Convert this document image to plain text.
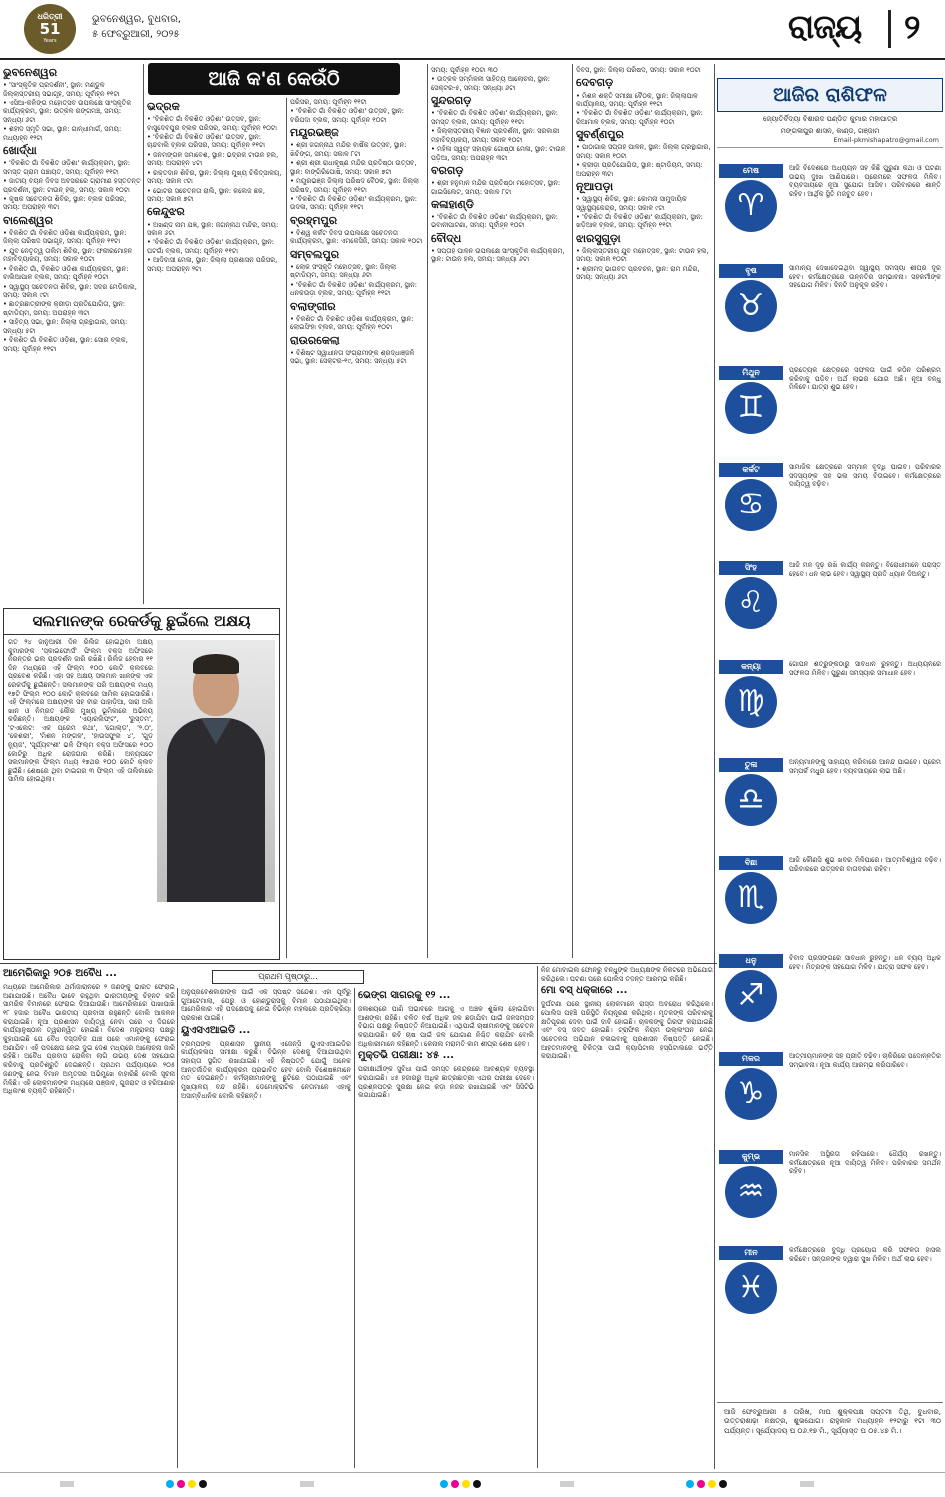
ଧରିତ୍ରୀ
51
Years
ଭୁବନେଶ୍ୱର, ବୁଧବାର,
୫ ଫେବ୍ରୁଆରୀ, ୨୦୨୫	ରାଜ୍ୟ ୨
ଆଜି କ'ଣ କେଉଁଠି
ଭୁବନେଶ୍ୱର
• 'ସାଂସ୍କୃତିକ ପ୍ରଦର୍ଶନୀ', ସ୍ଥାନ: ମଣ୍ଡୁଳ ଜିଲ୍ଲାସ୍ତରୀୟ ସଭାଗୃହ, ସମୟ: ପୂର୍ବାହ୍ନ ୧୧ଟା
• ଏସିଆ-କଳିଙ୍ଗ ମହୋତ୍ସବ ଉପଲକ୍ଷେ ସାଂସ୍କୃତିକ କାର୍ଯ୍ୟକ୍ରମ, ସ୍ଥାନ: ଉତ୍କଳ ରଙ୍ଗମଞ୍ଚ, ସମୟ: ସନ୍ଧ୍ୟା ୬ଟା
• ଶହୀଦ ସ୍ମୃତି ସଭା, ସ୍ଥାନ: ଗାନ୍ଧୀମାର୍ଗ, ସମୟ: ମଧ୍ୟାହ୍ନ ୧୨ଟା
ଖୋର୍ଦ୍ଧା
• 'ବିକଶିତ ଗାଁ ବିକଶିତ ଓଡ଼ିଶା' କାର୍ଯ୍ୟକ୍ରମ, ସ୍ଥାନ: ସମସ୍ତ ଗ୍ରାମ ପଞ୍ଚାୟତ, ସମୟ: ପୂର୍ବାହ୍ନ ୧୧ଟା
• ଜାତୀୟ ବୟନ ଦିବସ ଅବସରରେ ଗ୍ରାମୀଣ ହସ୍ତତନ୍ତ ପ୍ରଦର୍ଶନୀ, ସ୍ଥାନ: ଟାଉନ୍ ହଲ୍, ସମୟ: ସକାଳ ୧୦ଟା
• କୃଷକ ସଚେତନତା ଶିବିର, ସ୍ଥାନ: ବ୍ଲକ ପରିସର, ସମୟ: ଅପରାହ୍ନ ୩ଟା
ବାଲେଶ୍ୱର
• ବିକଶିତ ଗାଁ ବିକଶିତ ଓଡ଼ିଶା କାର୍ଯ୍ୟକ୍ରମ, ସ୍ଥାନ: ଜିଲ୍ଲା ପରିଷଦ ସଭାଗୃହ, ସମୟ: ପୂର୍ବାହ୍ନ ୧୧ଟା
• ଯୁବ ନେତୃତ୍ୱ ତାଲିମ ଶିବିର, ସ୍ଥାନ: ଫକୀରମୋହନ ମହାବିଦ୍ୟାଳୟ, ସମୟ: ସକାଳ ୧୦ଟା
• ବିକଶିତ ଗାଁ, ବିକଶିତ ଓଡ଼ିଶା କାର୍ଯ୍ୟକ୍ରମ, ସ୍ଥାନ: ବାଲିଆପାଳ ବ୍ଲକ, ସମୟ: ପୂର୍ବାହ୍ନ ୧୦ଟା
• ସ୍ୱାସ୍ଥ୍ୟ ସଚେତନତା ଶିବିର, ସ୍ଥାନ: ସଦର ମେଡିକାଲ, ସମୟ: ସକାଳ ୯ଟା
• ଛାତ୍ରଛାତ୍ରୀଙ୍କ କ୍ରୀଡ଼ା ପ୍ରତିଯୋଗିତା, ସ୍ଥାନ: ଷ୍ଟାଡିୟମ, ସମୟ: ଅପରାହ୍ନ ୩ଟା
• ସାହିତ୍ୟ ସଭା, ସ୍ଥାନ: ଜିଲ୍ଲା ଗ୍ରନ୍ଥାଗାର, ସମୟ: ସନ୍ଧ୍ୟା ୫ଟା
• ବିକଶିତ ଗାଁ ବିକଶିତ ଓଡ଼ିଶା, ସ୍ଥାନ: ସୋର ବ୍ଲକ, ସମୟ: ପୂର୍ବାହ୍ନ ୧୧ଟା
ଭଦ୍ରକ
• 'ବିକଶିତ ଗାଁ ବିକଶିତ ଓଡ଼ିଶା' ଉତ୍ସବ, ସ୍ଥାନ: ବାସୁଦେବପୁର ବ୍ଲକ ପରିସର, ସମୟ: ପୂର୍ବାହ୍ନ ୧୦ଟା
• 'ବିକଶିତ ଗାଁ ବିକଶିତ ଓଡ଼ିଶା' ଉତ୍ସବ, ସ୍ଥାନ: ଚାନ୍ଦବାଲି ବ୍ଲକ ପରିସର, ସମୟ: ପୂର୍ବାହ୍ନ ୧୧ଟା
• ଜନମଙ୍ଗଳ ସମାବେଶ, ସ୍ଥାନ: ଭଦ୍ରକ ଟାଉନ ହଲ, ସମୟ: ଅପରାହ୍ନ ୪ଟା
• ରକ୍ତଦାନ ଶିବିର, ସ୍ଥାନ: ଜିଲ୍ଲା ମୁଖ୍ୟ ଚିକିତ୍ସାଳୟ, ସମୟ: ସକାଳ ୯ଟା
• ଭୋଟର ସଚେତନତା ରାଲି, ସ୍ଥାନ: କଲେଜ ଛକ, ସମୟ: ସକାଳ ୭ଟା
କେନ୍ଦୁଝର
• ଅଖଣ୍ଡ ନାମ ଯଜ୍ଞ, ସ୍ଥାନ: ଜଗନ୍ନାଥ ମନ୍ଦିର, ସମୟ: ସକାଳ ୬ଟା
• 'ବିକଶିତ ଗାଁ ବିକଶିତ ଓଡ଼ିଶା' କାର୍ଯ୍ୟକ୍ରମ, ସ୍ଥାନ: ଘଟଗାଁ ବ୍ଲକ, ସମୟ: ପୂର୍ବାହ୍ନ ୧୧ଟା
• ଆଦିବାସୀ ମେଳା, ସ୍ଥାନ: ଜିଲ୍ଲା ପ୍ରଶାସନ ପରିସର, ସମୟ: ଅପରାହ୍ନ ୨ଟା
ପରିସର, ସମୟ: ପୂର୍ବାହ୍ନ ୧୧ଟା
• 'ବିକଶିତ ଗାଁ ବିକଶିତ ଓଡ଼ିଶା' ଉତ୍ସବ, ସ୍ଥାନ: ବରିପଦା ବ୍ଲକ, ସମୟ: ପୂର୍ବାହ୍ନ ୧୦ଟା
ମୟୂରଭଞ୍ଜ
• ଶ୍ରୀ ଜଗନ୍ନାଥ ମନ୍ଦିର ବାର୍ଷିକ ଉତ୍ସବ, ସ୍ଥାନ: ଖିଚିଙ୍ଗ, ସମୟ: ସକାଳ ୮ଟା
• ଶ୍ରୀ ଶ୍ରୀ ରାଧାକୃଷ୍ଣ ମନ୍ଦିର ପ୍ରତିଷ୍ଠା ଉତ୍ସବ, ସ୍ଥାନ: ବାଙ୍ଗିରିପୋଷି, ସମୟ: ସକାଳ ୭ଟା
• ମୟୂରଭଞ୍ଜ ଜିଲ୍ଲା ପରିଷଦ ବୈଠକ, ସ୍ଥାନ: ଜିଲ୍ଲା ପରିଷଦ, ସମୟ: ପୂର୍ବାହ୍ନ ୧୧ଟା
• 'ବିକଶିତ ଗାଁ ବିକଶିତ ଓଡ଼ିଶା' କାର୍ଯ୍ୟକ୍ରମ, ସ୍ଥାନ: ଉଦଳା, ସମୟ: ପୂର୍ବାହ୍ନ ୧୧ଟା
ବ୍ରହ୍ମପୁର
• ବିଶ୍ୱ କର୍କଟ ଦିବସ ଉପଲକ୍ଷେ ସଚେତନତା କାର୍ଯ୍ୟକ୍ରମ, ସ୍ଥାନ: ଏମକେସିଜି, ସମୟ: ସକାଳ ୧୦ଟା
ସମ୍ବଲପୁର
• ଲୋକ ସଂସ୍କୃତି ମହୋତ୍ସବ, ସ୍ଥାନ: ଜିଲ୍ଲା ଷ୍ଟାଡିୟମ, ସମୟ: ସନ୍ଧ୍ୟା ୬ଟା
• 'ବିକଶିତ ଗାଁ ବିକଶିତ ଓଡ଼ିଶା' କାର୍ଯ୍ୟକ୍ରମ, ସ୍ଥାନ: ଧନକଉଡ଼ା ବ୍ଲକ, ସମୟ: ପୂର୍ବାହ୍ନ ୧୧ଟା
ବଲାଙ୍ଗୀର
• ବିକଶିତ ଗାଁ ବିକଶିତ ଓଡ଼ିଶା କାର୍ଯ୍ୟକ୍ରମ, ସ୍ଥାନ: ଲୋଇସିଂହା ବ୍ଲକ, ସମୟ: ପୂର୍ବାହ୍ନ ୧୦ଟା
ରାଉରକେଲା
• ବିଶିଷ୍ଟ ସ୍ୱାଧୀନତା ସଂଗ୍ରାମୀଙ୍କ ଶ୍ରଦ୍ଧାଞ୍ଜଳି ସଭା, ସ୍ଥାନ: ସେକ୍ଟର-୧୯, ସମୟ: ସନ୍ଧ୍ୟା ୫ଟା
ସମୟ: ପୂର୍ବାହ୍ନ ୧୦ଟା ୩୦
• ଉତ୍କଳ ସମ୍ମିଳନୀ ସାହିତ୍ୟ ଆଲୋଚନା, ସ୍ଥାନ: ସେକ୍ଟର-୫, ସମୟ: ସନ୍ଧ୍ୟା ୬ଟା
ସୁନ୍ଦରଗଡ଼
• 'ବିକଶିତ ଗାଁ ବିକଶିତ ଓଡ଼ିଶା' କାର୍ଯ୍ୟକ୍ରମ, ସ୍ଥାନ: ସମସ୍ତ ବ୍ଲକ, ସମୟ: ପୂର୍ବାହ୍ନ ୧୧ଟା
• ଜିଲ୍ଲାସ୍ତରୀୟ ବିଜ୍ଞାନ ପ୍ରଦର୍ଶନୀ, ସ୍ଥାନ: ସରକାରୀ ମହାବିଦ୍ୟାଳୟ, ସମୟ: ସକାଳ ୧୦ଟା
• ମହିଳା ସ୍ୱୟଂ ସହାୟକ ଗୋଷ୍ଠୀ ମେଳା, ସ୍ଥାନ: ଟାଉନ ପଡ଼ିଆ, ସମୟ: ଅପରାହ୍ନ ୩ଟା
ବରଗଡ଼
• ଶ୍ରୀ ହନୁମାନ ମନ୍ଦିର ପ୍ରତିଷ୍ଠା ମହୋତ୍ସବ, ସ୍ଥାନ: ଗାଇସିଲେଟ, ସମୟ: ସକାଳ ୮ଟା
କଳାହାଣ୍ଡି
• 'ବିକଶିତ ଗାଁ ବିକଶିତ ଓଡ଼ିଶା' କାର୍ଯ୍ୟକ୍ରମ, ସ୍ଥାନ: ଭବାନୀପାଟଣା, ସମୟ: ପୂର୍ବାହ୍ନ ୧୦ଟା
ବୌଦ୍ଧ
• ସପ୍ତାହ ପାଳନ ଉପଲକ୍ଷେ ସାଂସ୍କୃତିକ କାର୍ଯ୍ୟକ୍ରମ, ସ୍ଥାନ: ଟାଉନ ହଲ, ସମୟ: ସନ୍ଧ୍ୟା ୬ଟା
ଦିବସ, ସ୍ଥାନ: ଜିଲ୍ଲା ପରିଷଦ, ସମୟ: ସକାଳ ୧୦ଟା
ଦେବଗଡ଼
• ମିଶନ ଶକ୍ତି ସମୀକ୍ଷା ବୈଠକ, ସ୍ଥାନ: ଜିଲ୍ଲାପାଳ କାର୍ଯ୍ୟାଳୟ, ସମୟ: ପୂର୍ବାହ୍ନ ୧୧ଟା
• 'ବିକଶିତ ଗାଁ ବିକଶିତ ଓଡ଼ିଶା' କାର୍ଯ୍ୟକ୍ରମ, ସ୍ଥାନ: ରିଆମାଳ ବ୍ଲକ, ସମୟ: ପୂର୍ବାହ୍ନ ୧୦ଟା
ସୁବର୍ଣ୍ଣପୁର
• ପାଠାଗାର ସପ୍ତାହ ପାଳନ, ସ୍ଥାନ: ଜିଲ୍ଲା ଗ୍ରନ୍ଥାଗାର, ସମୟ: ସକାଳ ୧୦ଟା
• କ୍ରୀଡ଼ା ପ୍ରତିଯୋଗିତା, ସ୍ଥାନ: ଷ୍ଟାଡିୟମ, ସମୟ: ଅପରାହ୍ନ ୩ଟା
ନୂଆପଡ଼ା
• ସ୍ୱାସ୍ଥ୍ୟ ଶିବିର, ସ୍ଥାନ: କୋମନା ସାମୁଦାୟିକ ସ୍ୱାସ୍ଥ୍ୟକେନ୍ଦ୍ର, ସମୟ: ସକାଳ ୯ଟା
• 'ବିକଶିତ ଗାଁ ବିକଶିତ ଓଡ଼ିଶା' କାର୍ଯ୍ୟକ୍ରମ, ସ୍ଥାନ: ଖଡ଼ିଆଳ ବ୍ଲକ, ସମୟ: ପୂର୍ବାହ୍ନ ୧୧ଟା
ଝାରସୁଗୁଡ଼ା
• ଜିଲ୍ଲାସ୍ତରୀୟ ଯୁବ ମହୋତ୍ସବ, ସ୍ଥାନ: ଟାଉନ ହଲ, ସମୟ: ସକାଳ ୧୦ଟା
• ଶ୍ରୀମଦ୍ ଭାଗବତ ପ୍ରବଚନ, ସ୍ଥାନ: ରାମ ମନ୍ଦିର, ସମୟ: ସନ୍ଧ୍ୟା ୬ଟା
ସଲମାନଙ୍କ ରେକର୍ଡକୁ ଛୁଇଁଲେ ଅକ୍ଷୟ
ଗତ ୨୪ ଜାନୁଆରୀ ଦିନ ରିଲିଜ ହୋଇଥିବା ଅକ୍ଷୟ କୁମାରଙ୍କ 'ସ୍କାଇଫୋର୍ସ' ଫିଲ୍ମ ବକ୍ସ ଅଫିସରେ ନିରନ୍ତର ଭଲ ପ୍ରଦର୍ଶନ ଜାରି ରଖିଛି। ରିଲିଜ ହେବାର ୧୧ ଦିନ ମଧ୍ୟରେ ଏହି ଫିଲ୍ମ ୧୦୦ କୋଟି କ୍ଲବରେ ପ୍ରବେଶ କରିଛି। ଏହା ସହ ଅକ୍ଷୟ ସଲମାନ ଖାନଙ୍କ ଏକ ରେକର୍ଡକୁ ଛୁଇଁଛନ୍ତି। ସଲମାନଙ୍କ ପରି ଅକ୍ଷୟଙ୍କ ମଧ୍ୟ ୧୭ଟି ଫିଲ୍ମ ୧୦୦ କୋଟି କ୍ଲବରେ ସାମିଲ ହୋଇସାରିଛି। ଏହି ଫିଲ୍ମରେ ଅକ୍ଷୟଙ୍କ ସହ ବୀର ପାହାଡ଼ିଆ, ସାରା ଅଲି ଖାନ ଓ ନିମ୍ରତ କୌର ମୁଖ୍ୟ ଭୂମିକାରେ ଅଭିନୟ କରିଛନ୍ତି। ଅକ୍ଷୟଙ୍କ 'ଏୟାରଲିଫ୍ଟ', 'ରୁସ୍ତମ', 'ଟଏଲେଟ: ଏକ ପ୍ରେମ କଥା', 'ଗୋଲ୍ଡ', '୨.୦', 'କେଶରୀ', 'ମିଶନ ମଙ୍ଗଳ', 'ହାଉସଫୁଲ ୪', 'ଗୁଡ଼ ନ୍ୟୁଜ', 'ସୂର୍ଯ୍ୟବଂଶୀ' ଭଳି ଫିଲ୍ମ ବକ୍ସ ଅଫିସରେ ୧୦୦ କୋଟିରୁ ଅଧିକ ରୋଜଗାର କରିଛି। ଅନ୍ୟପଟେ ସଲମାନଙ୍କ ଫିଲ୍ମ ମଧ୍ୟ ୧୭ଥର ୧୦୦ କୋଟି କ୍ଲବ ଛୁଇଁଛି। ଶେଷରେ ଥିବା ଟାଇଗର ୩ ଫିଲ୍ମ ଏହି ତାଲିକାରେ ସାମିଲ ହୋଇଥିଲା।
ପ୍ରଥମ ପୃଷ୍ଠାରୁ...
ଆମେରିକାରୁ ୨୦୫ ଅବୈଧ ...
ମଧ୍ୟରେ ଆମେରିକାର ଥର୍ମାଜାରାନରେ ୨ ଜଣଙ୍କୁ ଭାରତ ଫେରାଇ ଅଣାଯାଉଛି। ଅବୈଧ ଭାବେ ରହୁଥିବା ଭାରତୀୟଙ୍କୁ ଚିହ୍ନଟ କରି ସାମରିକ ବିମାନରେ ଫେରାଇ ଦିଆଯାଉଛି। ଆମେରିକାରେ ପାଖାପାଖି ୧୮ ହଜାର ଅବୈଧ ଭାରତୀୟ ପ୍ରବାସୀ ରହୁଛନ୍ତି ବୋଲି ଆକଳନ କରାଯାଇଛି। ନୂଆ ପ୍ରଶାସନ ଦାୟିତ୍ୱ ନେବା ପରେ ଏ ଦିଗରେ କାର୍ଯ୍ୟାନୁଷ୍ଠାନ ତ୍ୱରାନ୍ୱିତ ହୋଇଛି। ବିଦେଶ ମନ୍ତ୍ରାଳୟ ପକ୍ଷରୁ କୁହାଯାଇଛି ଯେ ବୈଧ ଦସ୍ତାବିଜ ଯାଞ୍ଚ ପରେ ଏମାନଙ୍କୁ ଫେରାଇ ଅଣାଯିବ। ଏହି ପଦକ୍ଷେପ ନେଇ ଦୁଇ ଦେଶ ମଧ୍ୟରେ ଆଲୋଚନା ଜାରି ରହିଛି। ଅବୈଧ ପ୍ରବାସ ରୋକିବା ଲାଗି ଉଭୟ ଦେଶ ସହଯୋଗ କରିବାକୁ ପ୍ରତିଶ୍ରୁତି ଦେଇଛନ୍ତି। ପ୍ରଥମ ପର୍ଯ୍ୟାୟରେ ୨୦୫ ଜଣଙ୍କୁ ନେଇ ବିମାନ ଅମୃତସର ଅଭିମୁଖେ ବାହାରିଛି ବୋଲି ସୂଚନା ମିଳିଛି। ଏହି ଲୋକମାନଙ୍କ ମଧ୍ୟରେ ପଞ୍ଜାବ, ଗୁଜରାଟ ଓ ହରିଆଣାର ଅଧିକାଂଶ ବ୍ୟକ୍ତି ରହିଛନ୍ତି।
ଅନୁପ୍ରବେଶକାରୀଙ୍କ ପାଇଁ ଏକ ସ୍ପଷ୍ଟ ସନ୍ଦେଶ। ଏହା ପୂର୍ବରୁ ଗୁଆଟେମାଲା, ପେରୁ ଓ ହୋଣ୍ଡୁରାସକୁ ବିମାନ ପଠାଯାଇଥିଲା। ଆମେରିକାର ଏହି ପଦକ୍ଷେପକୁ ନେଇ ବିଭିନ୍ନ ମହଲରେ ପ୍ରତିକ୍ରିୟା ପ୍ରକାଶ ପାଇଛି।
ୟୁଏସଏଆଇଡି ...
ଟ୍ରମ୍ପଙ୍କ ପ୍ରଶାସନ ସ୍ଥାନୀୟ ଏଜେନ୍ସି ୟୁଏସଏଆଇଡିର କାର୍ଯ୍ୟକଳାପ ସମୀକ୍ଷା କରୁଛି। ବିଭିନ୍ନ ଦେଶକୁ ଦିଆଯାଉଥିବା ସହାୟତା ସ୍ଥଗିତ ରଖାଯାଇଛି। ଏହି ନିଷ୍ପତ୍ତି ଯୋଗୁଁ ଅନେକ ଆନ୍ତର୍ଜାତିକ କାର୍ଯ୍ୟକ୍ରମ ପ୍ରଭାବିତ ହେବ ବୋଲି ବିଶେଷଜ୍ଞମାନେ ମତ ଦେଇଛନ୍ତି। କର୍ମଚାରୀମାନଙ୍କୁ ଛୁଟିରେ ପଠାଯାଇଛି ଏବଂ ମୁଖ୍ୟାଳୟ ବନ୍ଦ ରହିଛି। ଡେମୋକ୍ରାଟିକ ନେତାମାନେ ଏହାକୁ ଅସାମ୍ବିଧାନିକ ବୋଲି କହିଛନ୍ତି।
ଭେଙ୍ଗ ସାଗରକୁ ୧୨ ...
ଜଳାଶୟରେ ପାଣି ଅଭାବରେ ଆଗକୁ ଏ ଅଞ୍ଚଳ ଶୁଖିଲା ହୋଇଯିବା ଆଶଙ୍କା ରହିଛି। ଚଳିତ ବର୍ଷ ଅଧିକ ଜଳ ଛଡ଼ାଯିବା ପାଇଁ ଜଳସମ୍ପଦ ବିଭାଗ ପକ୍ଷରୁ ନିଷ୍ପତ୍ତି ନିଆଯାଇଛି। ଏଥିପାଇଁ ଚାଷୀମାନଙ୍କୁ ସଚେତନ କରାଯାଉଛି। ରବି ଚାଷ ପାଇଁ ଜଳ ଯୋଗାଣ ନିଶ୍ଚିତ କରାଯିବ ବୋଲି ଅଧିକାରୀମାନେ କହିଛନ୍ତି। କେନାଲ ମରାମତି କାମ ଶୀଘ୍ର ଶେଷ ହେବ।
ମୁକ୍ତଭି ପରୀକ୍ଷା: ୪୫ ...
ପରୀକ୍ଷାର୍ଥୀଙ୍କ ସୁବିଧା ପାଇଁ ସମସ୍ତ କେନ୍ଦ୍ରରେ ଆବଶ୍ୟକ ବ୍ୟବସ୍ଥା କରାଯାଇଛି। ୪୫ ହଜାରରୁ ଅଧିକ ଛାତ୍ରଛାତ୍ରୀ ଏଥର ପରୀକ୍ଷା ଦେବେ। ପ୍ରଶ୍ନପତ୍ର ସୁରକ୍ଷା ନେଇ କଡ଼ା ନଜର ରଖାଯାଇଛି ଏବଂ ସିସିଟିଭି ଲଗାଯାଇଛି।
ନିଜ ମୋବାଇଲ ଫୋନରୁ ବନ୍ଧୁଙ୍କ ଅଧ୍ୟକ୍ଷଙ୍କ ନିକଟରେ ଅଭିଯୋଗ କରିଥିଲେ। ଘଟଣା ପରେ ପୋଲିସ ତଦନ୍ତ ଆରମ୍ଭ କରିଛି।
ମୋ ବସ୍ ଧକ୍କାରେ ...
ଦୁର୍ଘଟଣା ପରେ ସ୍ଥାନୀୟ ଲୋକମାନେ ରାସ୍ତା ଅବରୋଧ କରିଥିଲେ। ପୋଲିସ ପହଞ୍ଚି ପରିସ୍ଥିତି ନିୟନ୍ତ୍ରଣ କରିଥିଲା। ମୃତକଙ୍କ ପରିବାରକୁ କ୍ଷତିପୂରଣ ଦେବା ପାଇଁ ଦାବି ହୋଇଛି। ଚାଳକଙ୍କୁ ଗିରଫ କରାଯାଇଛି ଏବଂ ବସ୍ ଜବତ ହୋଇଛି। ଟ୍ରାଫିକ ନିୟମ ଉଲ୍ଲଂଘନ ନେଇ ସଚେତନତା ଅଭିଯାନ ଚଳାଇବାକୁ ପ୍ରଶାସନ ନିଷ୍ପତ୍ତି ନେଇଛି। ଆହତମାନଙ୍କୁ ଚିକିତ୍ସା ପାଇଁ କ୍ୟାପିଟାଲ ହସ୍ପିଟାଲରେ ଭର୍ତ୍ତି କରାଯାଇଛି।
ଆଜିର ରାଶିଫଳ
ଜ୍ୟୋତିର୍ବିଦ୍ୟା ବିଶାରଦ ପଣ୍ଡିତ କୁମାର ମହାପାତ୍ର
ମଙ୍ଗଳାପୁର ଶାସନ, କାଣ୍ଡ, ଗଞ୍ଜାମ
Email-pkmishapatro@gmail.com
ମେଷ
♈
ଆଜି ବିଦେଶରେ ଅଧ୍ୟୟନ ସହ କିଛି ପୁରୁଣା କଥା ଓ ଘଟଣା ଉଭୟ ଦୁଃଖ ଆଣିପାରେ। ପ୍ରେମରେ ସଫଳତା ମିଳିବ। ବ୍ୟବସାୟରେ ନୂଆ ସୁଯୋଗ ଆସିବ। ପରିବାରରେ ଶାନ୍ତି ରହିବ। ଆର୍ଥିକ ସ୍ଥିତି ମଜବୁତ ହେବ।
ବୃଷ
♉
ସାମାନ୍ୟ ଦେଖାଦେଇଥିବା ସ୍ୱାସ୍ଥ୍ୟ ସମସ୍ୟା ଶୀଘ୍ର ଦୂର ହେବ। କର୍ମକ୍ଷେତ୍ରରେ ଉନ୍ନତିର ସମ୍ଭାବନା। ସହକର୍ମୀଙ୍କ ସହଯୋଗ ମିଳିବ। ଦିନଟି ଅନୁକୂଳ ରହିବ।
ମିଥୁନ
♊
ପ୍ରତ୍ୟେକ କ୍ଷେତ୍ରରେ ସଫଳତା ପାଇଁ କଠିନ ପରିଶ୍ରମ କରିବାକୁ ପଡ଼ିବ। ଅର୍ଥ ଲାଭର ଯୋଗ ଅଛି। ନୂଆ ବନ୍ଧୁ ମିଳିବେ। ଯାତ୍ରା ଶୁଭ ହେବ।
କର୍କଟ
♋
ସାମାଜିକ କ୍ଷେତ୍ରରେ ସମ୍ମାନ ବୃଦ୍ଧି ପାଇବ। ପରିବାରର ସଦସ୍ୟଙ୍କ ସହ ଭଲ ସମୟ ବିତାଇବେ। କର୍ମକ୍ଷେତ୍ରରେ ଦାୟିତ୍ୱ ବଢ଼ିବ।
ସିଂହ
♌
ଆଜି ମନ ଦୃଢ଼ ରଖି କାର୍ଯ୍ୟ କରନ୍ତୁ। ବିରୋଧୀମାନେ ପରାସ୍ତ ହେବେ। ଧନ ଲାଭ ହେବ। ସ୍ୱାସ୍ଥ୍ୟ ପ୍ରତି ଧ୍ୟାନ ଦିଅନ୍ତୁ।
କନ୍ୟା
♍
ଗୋପନ ଶତ୍ରୁଙ୍କଠାରୁ ସାବଧାନ ରୁହନ୍ତୁ। ଅଧ୍ୟୟନରେ ସଫଳତା ମିଳିବ। ପୁରୁଣା ସମସ୍ୟାର ସମାଧାନ ହେବ।
ତୁଳା
♎
ଅନ୍ୟମାନଙ୍କୁ ସାହାଯ୍ୟ କରିବାରେ ଆନନ୍ଦ ପାଇବେ। ପ୍ରେମ ସମ୍ପର୍କ ମଧୁର ହେବ। ବ୍ୟବସାୟରେ ଲାଭ ଅଛି।
ବିଛା
♏
ଆଜି କୌଣସି ଶୁଭ ଖବର ମିଳିପାରେ। ଆତ୍ମବିଶ୍ୱାସ ବଢ଼ିବ। ପରିବାରରେ ଉତ୍ସବର ବାତାବରଣ ରହିବ।
ଧନୁ
♐
ବିବାଦ ପ୍ରସଙ୍ଗରେ ସାବଧାନ ରୁହନ୍ତୁ। ଧନ ବ୍ୟୟ ଅଧିକ ହେବ। ମିତ୍ରଙ୍କ ସହଯୋଗ ମିଳିବ। ଯାତ୍ରା ସଫଳ ହେବ।
ମକର
♑
ଆତ୍ମୀୟମାନଙ୍କ ସହ ପ୍ରୀତି ବଢ଼ିବ। ଚାକିରିରେ ପଦୋନ୍ନତିର ସମ୍ଭାବନା। ନୂଆ କାର୍ଯ୍ୟ ଆରମ୍ଭ କରିପାରିବେ।
କୁମ୍ଭ
♒
ମାନସିକ ଅସ୍ଥିରତା ରହିପାରେ। ଧୈର୍ଯ୍ୟ ରଖନ୍ତୁ। କର୍ମକ୍ଷେତ୍ରରେ ନୂଆ ଦାୟିତ୍ୱ ମିଳିବ। ପରିବାରର ସମର୍ଥନ ରହିବ।
ମୀନ
♓
କର୍ମକ୍ଷେତ୍ରରେ ବୁଦ୍ଧି ପ୍ରୟୋଗ କରି ସଫଳତା ହାସଲ କରିବେ। ସନ୍ତାନଙ୍କ ଦ୍ୱାରା ସୁଖ ମିଳିବ। ଅର୍ଥ ଲାଭ ହେବ।
ଆଜି ଫେବ୍ରୁଆରୀ ୫ ତାରିଖ, ମାଘ ଶୁକ୍ଳପକ୍ଷ ସପ୍ତମୀ ତିଥି, ବୁଧବାର, ଉତ୍ତରାଶାଢ଼ା ନକ୍ଷତ୍ର, ଶୁଭଯୋଗ। ରାହୁକାଳ ମଧ୍ୟାହ୍ନ ୧୨ଟାରୁ ୧ଟା ୩୦ ପର୍ଯ୍ୟନ୍ତ। ସୂର୍ଯ୍ୟୋଦୟ ଘ ୦୬.୧୭ ମି., ସୂର୍ଯ୍ୟାସ୍ତ ଘ ୦୫.୪୭ ମି.।
